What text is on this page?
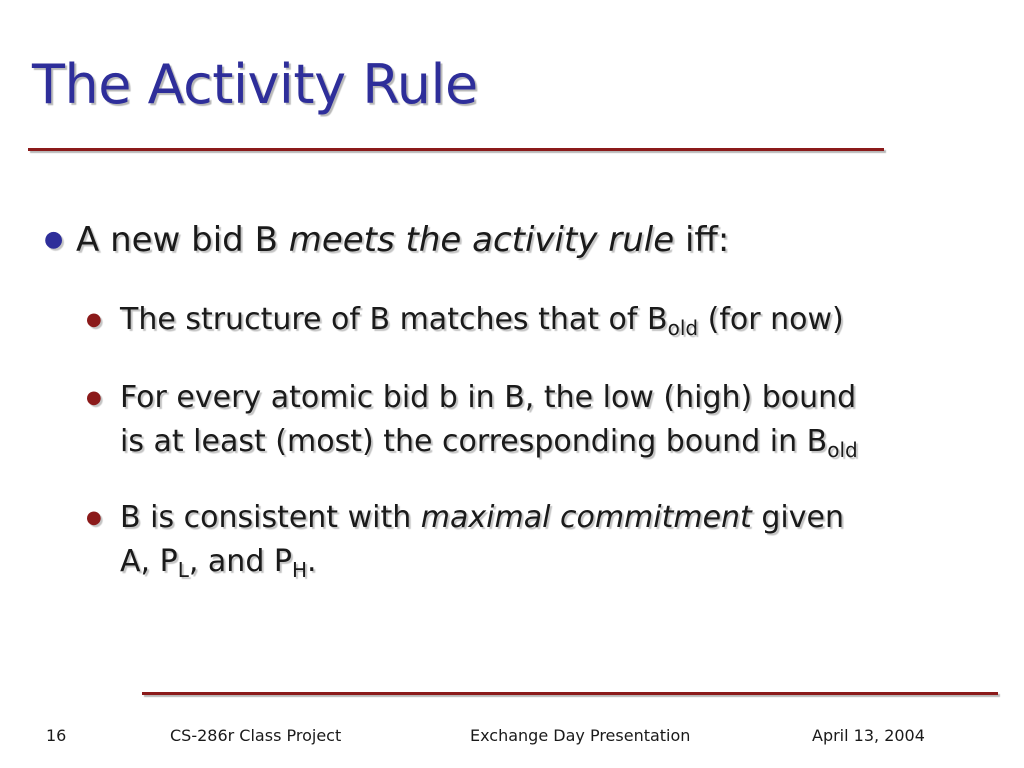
The Activity Rule
● A new bid B meets the activity rule iff:
● The structure of B matches that of $B_{old}$ (for now)
● For every atomic bid b in B, the low (high) bound
is at least (most) the corresponding bound in $B_{old}$
● B is consistent with maximal commitment given
A, $P_L$, and $P_H$.
16	CS-286r Class Project	Exchange Day Presentation	April 13, 2004
